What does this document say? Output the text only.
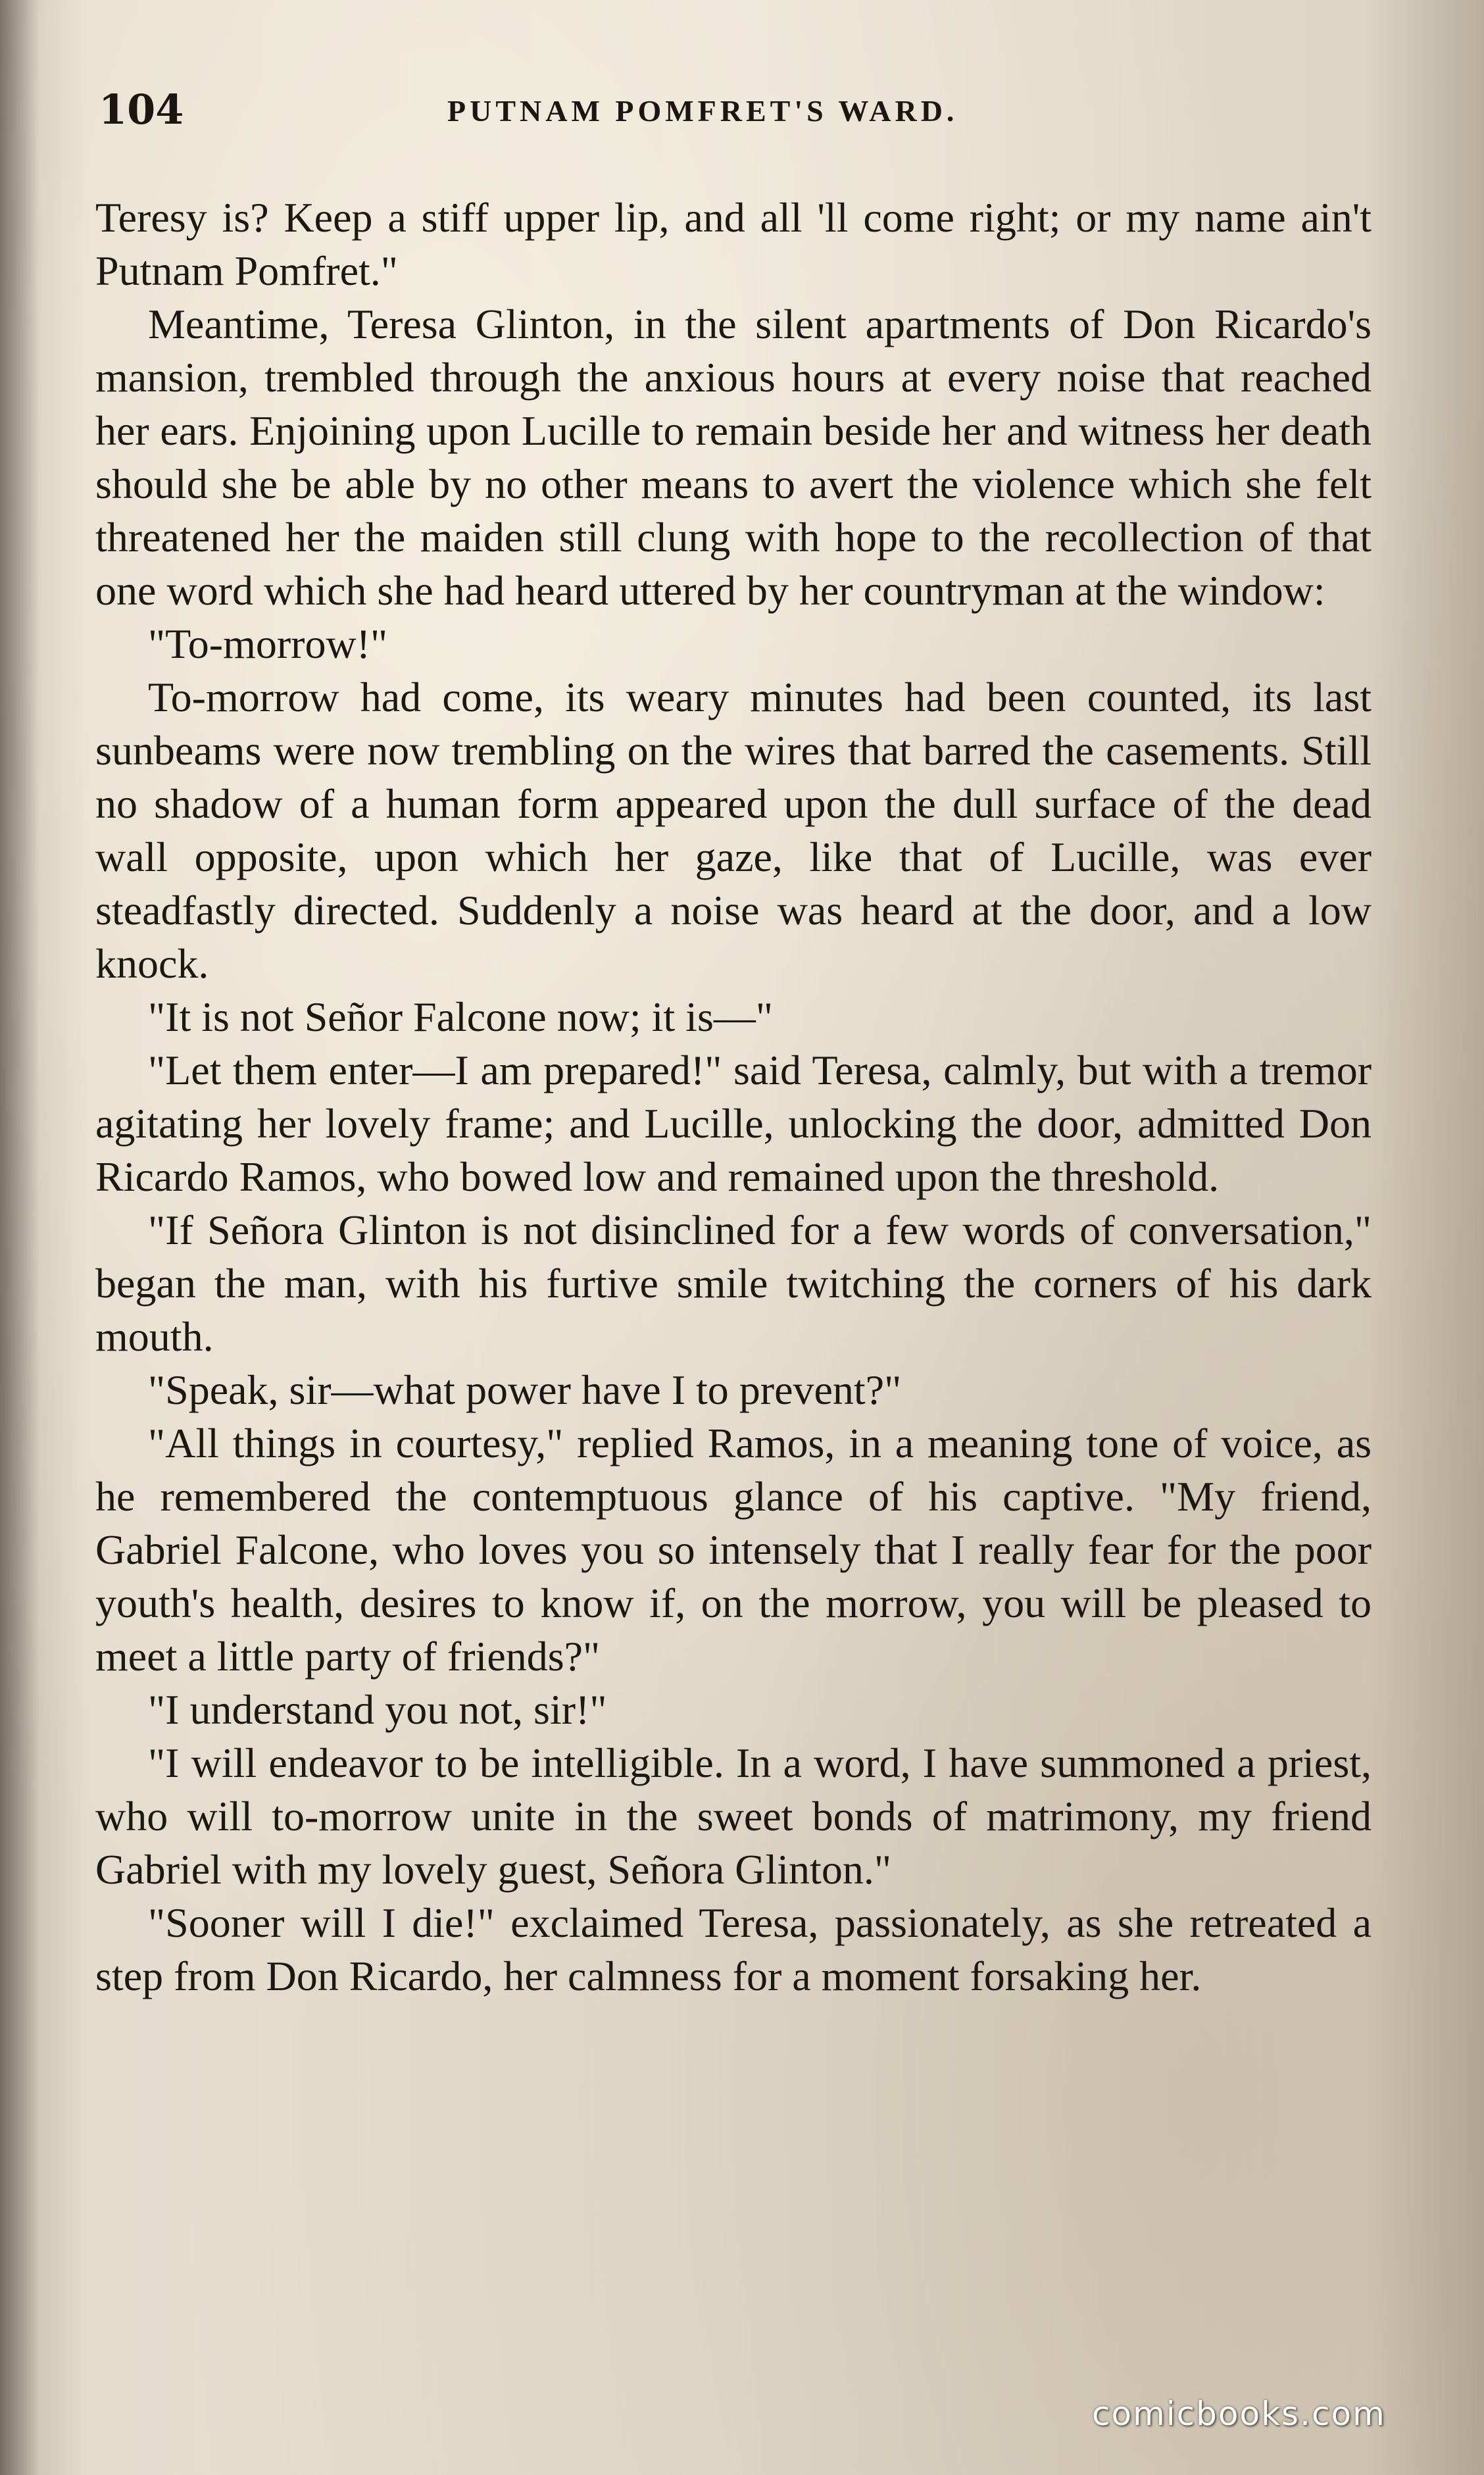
104	PUTNAM POMFRET'S WARD.

Teresy is? Keep a stiff upper lip, and all 'll come right; or my name ain't Putnam Pomfret."

Meantime, Teresa Glinton, in the silent apartments of Don Ricardo's mansion, trembled through the anxious hours at every noise that reached her ears. Enjoining upon Lucille to remain beside her and witness her death should she be able by no other means to avert the violence which she felt threatened her the maiden still clung with hope to the recollection of that one word which she had heard uttered by her countryman at the window:

"To-morrow!"

To-morrow had come, its weary minutes had been counted, its last sunbeams were now trembling on the wires that barred the casements. Still no shadow of a human form appeared upon the dull surface of the dead wall opposite, upon which her gaze, like that of Lucille, was ever steadfastly directed. Suddenly a noise was heard at the door, and a low knock.

"It is not Señor Falcone now; it is—"

"Let them enter—I am prepared!" said Teresa, calmly, but with a tremor agitating her lovely frame; and Lucille, unlocking the door, admitted Don Ricardo Ramos, who bowed low and remained upon the threshold.

"If Señora Glinton is not disinclined for a few words of conversation," began the man, with his furtive smile twitching the corners of his dark mouth.

"Speak, sir—what power have I to prevent?"

"All things in courtesy," replied Ramos, in a meaning tone of voice, as he remembered the contemptuous glance of his captive. "My friend, Gabriel Falcone, who loves you so intensely that I really fear for the poor youth's health, desires to know if, on the morrow, you will be pleased to meet a little party of friends?"

"I understand you not, sir!"

"I will endeavor to be intelligible. In a word, I have summoned a priest, who will to-morrow unite in the sweet bonds of matrimony, my friend Gabriel with my lovely guest, Señora Glinton."

"Sooner will I die!" exclaimed Teresa, passionately, as she retreated a step from Don Ricardo, her calmness for a moment forsaking her.

comicbooks.com
